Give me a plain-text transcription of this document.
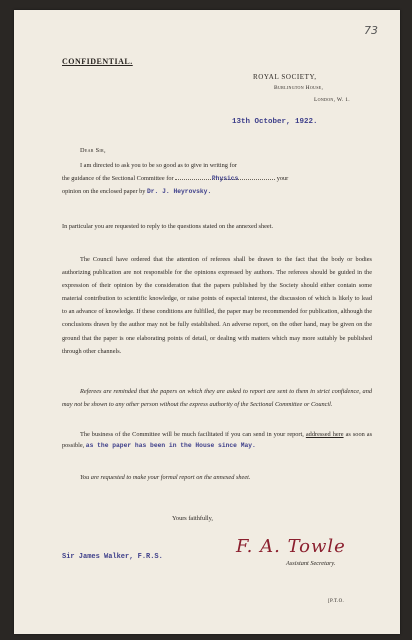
73
CONFIDENTIAL.
ROYAL SOCIETY,
Burlington House,
London, W. 1.
13th October, 1922.
Dear Sir,

I am directed to ask you to be so good as to give in writing for

the guidance of the Sectional Committee for	Physics	your

opinion on the enclosed paper by Dr. J. Heyrovsky.

In particular you are requested to reply to the questions stated on the annexed sheet.

The Council have ordered that the attention of referees shall be drawn to the fact that the body or bodies authorizing publication are not responsible for the opinions expressed by authors. The referees should be guided in the expression of their opinion by the consideration that the papers published by the Society should either contain some material contribution to scientific knowledge, or raise points of especial interest, the discussion of which is likely to lead to an advance of knowledge. If these conditions are fulfilled, the paper may be recommended for publication, although the conclusions drawn by the author may not be fully established. An adverse report, on the other hand, may be given on the ground that the paper is one elaborating points of detail, or dealing with matters which may more suitably be published through other channels.

Referees are reminded that the papers on which they are asked to report are sent to them in strict confidence, and may not be shown to any other person without the express authority of the Sectional Committee or Council.

The business of the Committee will be much facilitated if you can send in your report, addressed here as soon as possible, as the paper has been in the House since May.

You are requested to make your formal report on the annexed sheet.

Yours faithfully,
Sir James Walker, F.R.S.	F. A. Towle
Assistant Secretary.
[P.T.O.
